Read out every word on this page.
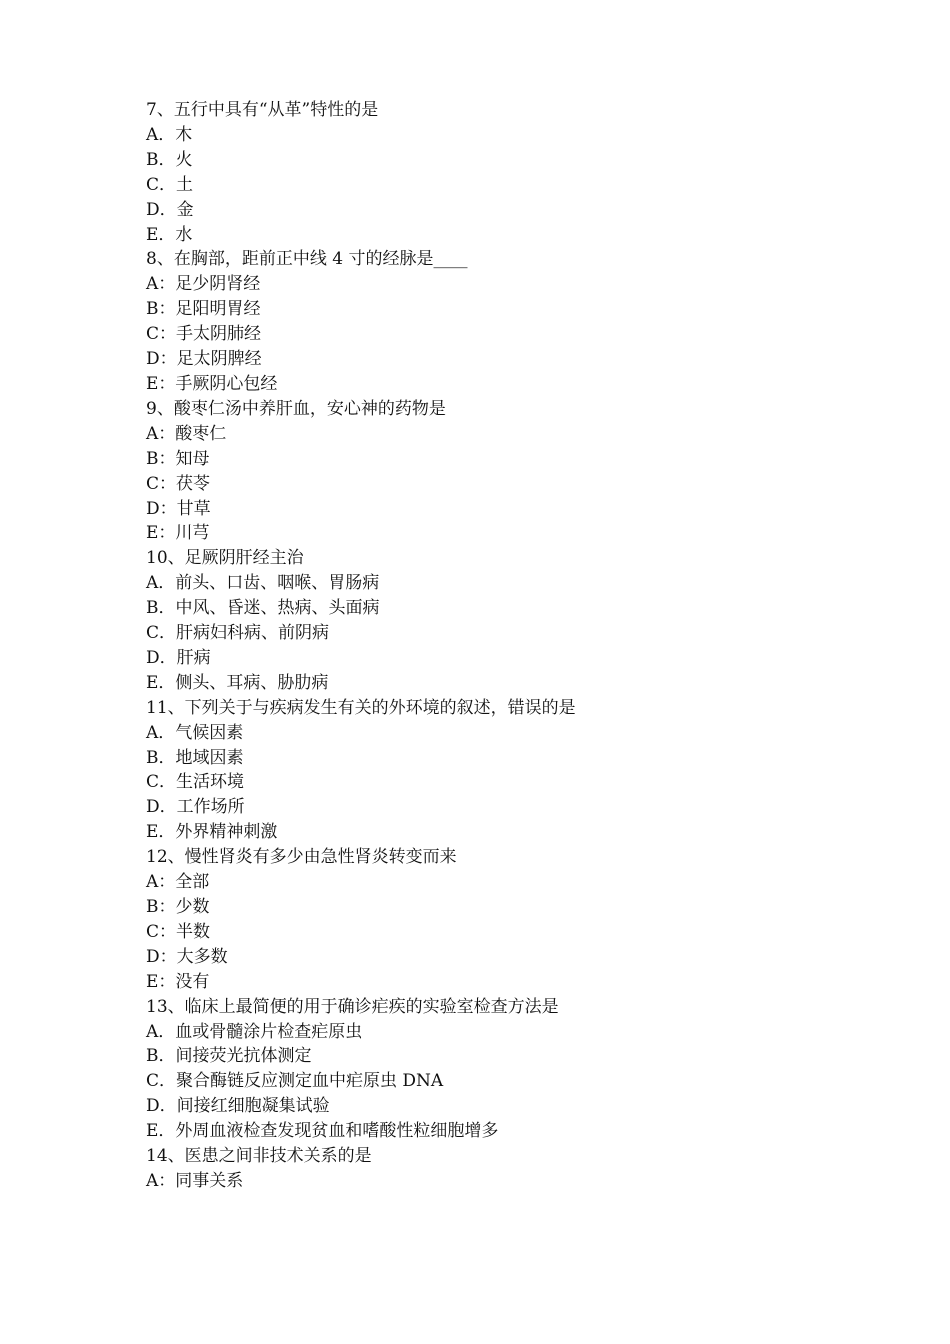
7、五行中具有“从革”特性的是
A．木
B．火
C．土
D．金
E．水
8、在胸部，距前正中线 4 寸的经脉是____
A：足少阴肾经
B：足阳明胃经
C：手太阴肺经
D：足太阴脾经
E：手厥阴心包经
9、酸枣仁汤中养肝血，安心神的药物是
A：酸枣仁
B：知母
C：茯苓
D：甘草
E：川芎
10、足厥阴肝经主治
A．前头、口齿、咽喉、胃肠病
B．中风、昏迷、热病、头面病
C．肝病妇科病、前阴病
D．肝病
E．侧头、耳病、胁肋病
11、下列关于与疾病发生有关的外环境的叙述，错误的是
A．气候因素
B．地域因素
C．生活环境
D．工作场所
E．外界精神刺激
12、慢性肾炎有多少由急性肾炎转变而来
A：全部
B：少数
C：半数
D：大多数
E：没有
13、临床上最简便的用于确诊疟疾的实验室检查方法是
A．血或骨髓涂片检查疟原虫
B．间接荧光抗体测定
C．聚合酶链反应测定血中疟原虫 DNA
D．间接红细胞凝集试验
E．外周血液检查发现贫血和嗜酸性粒细胞增多
14、医患之间非技术关系的是
A：同事关系
